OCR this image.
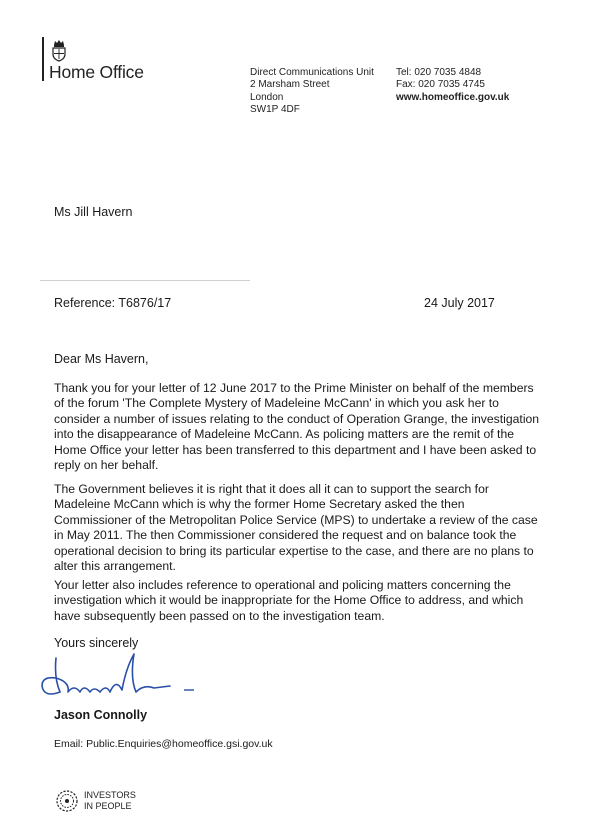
Home Office	Direct Communications Unit
2 Marsham Street
London
SW1P 4DF
Tel: 020 7035 4848
Fax: 020 7035 4745
www.homeoffice.gov.uk
Ms Jill Havern
Reference: T6876/17	24 July 2017
Dear Ms Havern,
Thank you for your letter of 12 June 2017 to the Prime Minister on behalf of the members of the forum 'The Complete Mystery of Madeleine McCann' in which you ask her to consider a number of issues relating to the conduct of Operation Grange, the investigation into the disappearance of Madeleine McCann. As policing matters are the remit of the Home Office your letter has been transferred to this department and I have been asked to reply on her behalf.
The Government believes it is right that it does all it can to support the search for Madeleine McCann which is why the former Home Secretary asked the then Commissioner of the Metropolitan Police Service (MPS) to undertake a review of the case in May 2011. The then Commissioner considered the request and on balance took the operational decision to bring its particular expertise to the case, and there are no plans to alter this arrangement.
Your letter also includes reference to operational and policing matters concerning the investigation which it would be inappropriate for the Home Office to address, and which have subsequently been passed on to the investigation team.
Yours sincerely
Jason Connolly
Email: Public.Enquiries@homeoffice.gsi.gov.uk
INVESTORS
IN PEOPLE
